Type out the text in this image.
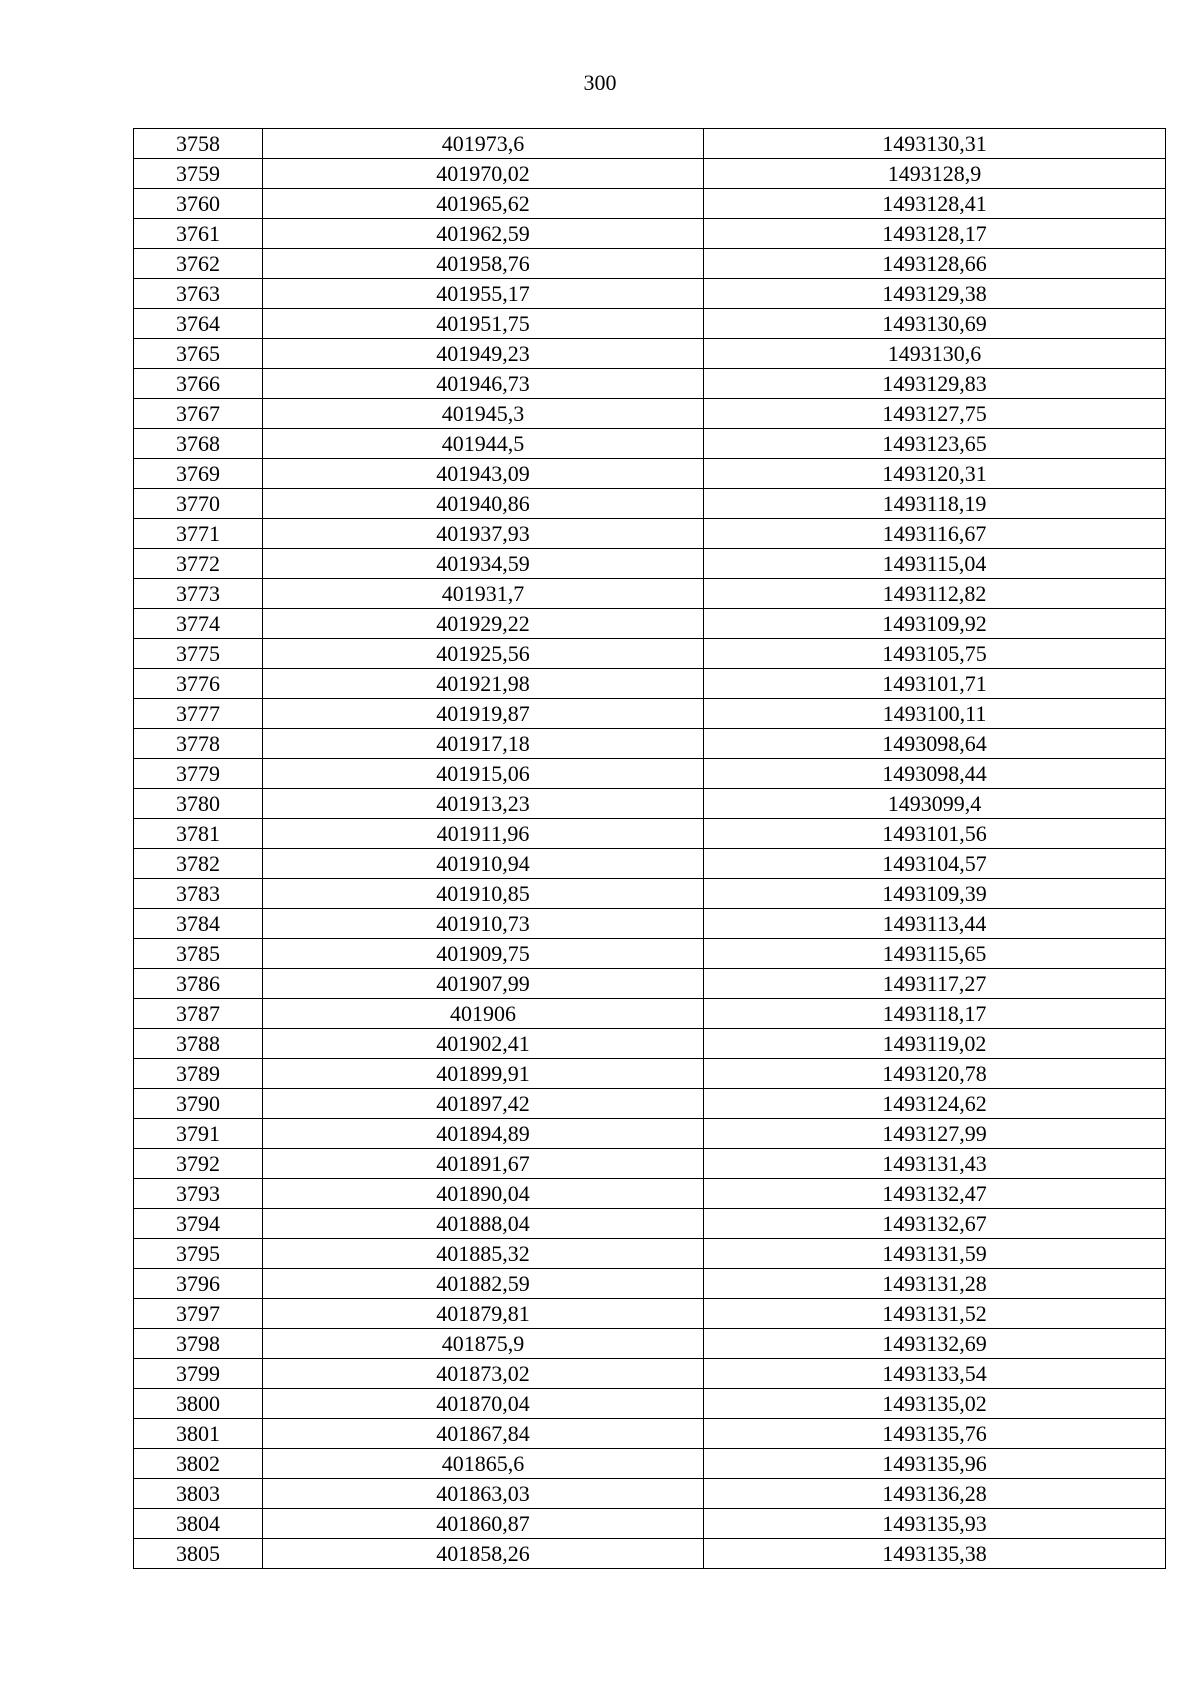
300
3758	401973,6	1493130,31
3759	401970,02	1493128,9
3760	401965,62	1493128,41
3761	401962,59	1493128,17
3762	401958,76	1493128,66
3763	401955,17	1493129,38
3764	401951,75	1493130,69
3765	401949,23	1493130,6
3766	401946,73	1493129,83
3767	401945,3	1493127,75
3768	401944,5	1493123,65
3769	401943,09	1493120,31
3770	401940,86	1493118,19
3771	401937,93	1493116,67
3772	401934,59	1493115,04
3773	401931,7	1493112,82
3774	401929,22	1493109,92
3775	401925,56	1493105,75
3776	401921,98	1493101,71
3777	401919,87	1493100,11
3778	401917,18	1493098,64
3779	401915,06	1493098,44
3780	401913,23	1493099,4
3781	401911,96	1493101,56
3782	401910,94	1493104,57
3783	401910,85	1493109,39
3784	401910,73	1493113,44
3785	401909,75	1493115,65
3786	401907,99	1493117,27
3787	401906	1493118,17
3788	401902,41	1493119,02
3789	401899,91	1493120,78
3790	401897,42	1493124,62
3791	401894,89	1493127,99
3792	401891,67	1493131,43
3793	401890,04	1493132,47
3794	401888,04	1493132,67
3795	401885,32	1493131,59
3796	401882,59	1493131,28
3797	401879,81	1493131,52
3798	401875,9	1493132,69
3799	401873,02	1493133,54
3800	401870,04	1493135,02
3801	401867,84	1493135,76
3802	401865,6	1493135,96
3803	401863,03	1493136,28
3804	401860,87	1493135,93
3805	401858,26	1493135,38
